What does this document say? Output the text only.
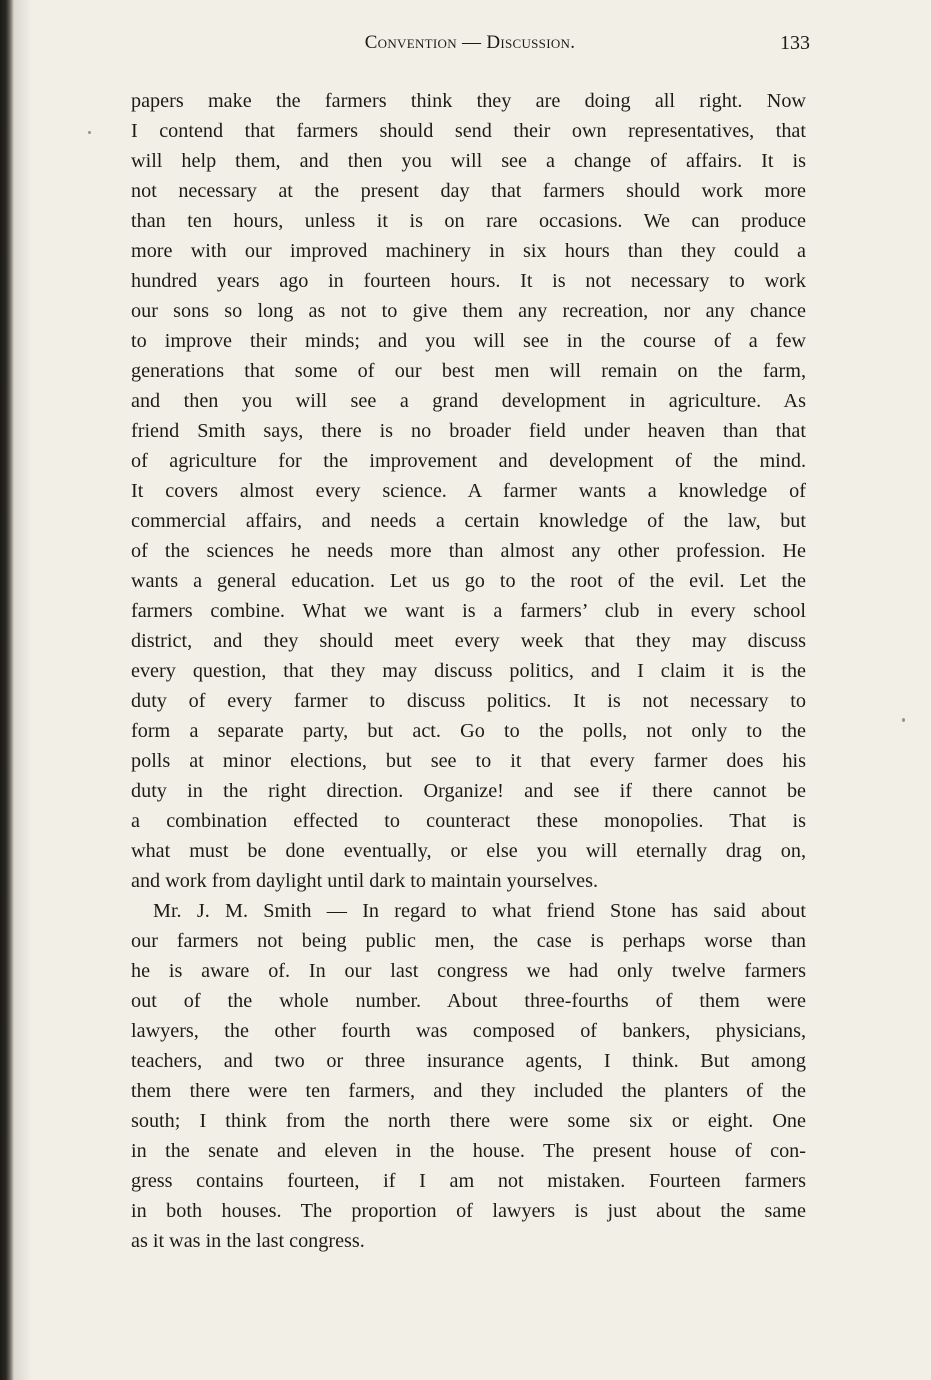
Convention — Discussion.	133
papers make the farmers think they are doing all right. Now
I contend that farmers should send their own representatives, that
will help them, and then you will see a change of affairs. It is
not necessary at the present day that farmers should work more
than ten hours, unless it is on rare occasions. We can produce
more with our improved machinery in six hours than they could a
hundred years ago in fourteen hours. It is not necessary to work
our sons so long as not to give them any recreation, nor any chance
to improve their minds; and you will see in the course of a few
generations that some of our best men will remain on the farm,
and then you will see a grand development in agriculture. As
friend Smith says, there is no broader field under heaven than that
of agriculture for the improvement and development of the mind.
It covers almost every science. A farmer wants a knowledge of
commercial affairs, and needs a certain knowledge of the law, but
of the sciences he needs more than almost any other profession. He
wants a general education. Let us go to the root of the evil. Let the
farmers combine. What we want is a farmers’ club in every school
district, and they should meet every week that they may discuss
every question, that they may discuss politics, and I claim it is the
duty of every farmer to discuss politics. It is not necessary to
form a separate party, but act. Go to the polls, not only to the
polls at minor elections, but see to it that every farmer does his
duty in the right direction. Organize! and see if there cannot be
a combination effected to counteract these monopolies. That is
what must be done eventually, or else you will eternally drag on,
and work from daylight until dark to maintain yourselves.
Mr. J. M. Smith — In regard to what friend Stone has said about
our farmers not being public men, the case is perhaps worse than
he is aware of. In our last congress we had only twelve farmers
out of the whole number. About three-fourths of them were
lawyers, the other fourth was composed of bankers, physicians,
teachers, and two or three insurance agents, I think. But among
them there were ten farmers, and they included the planters of the
south; I think from the north there were some six or eight. One
in the senate and eleven in the house. The present house of con-
gress contains fourteen, if I am not mistaken. Fourteen farmers
in both houses. The proportion of lawyers is just about the same
as it was in the last congress.
